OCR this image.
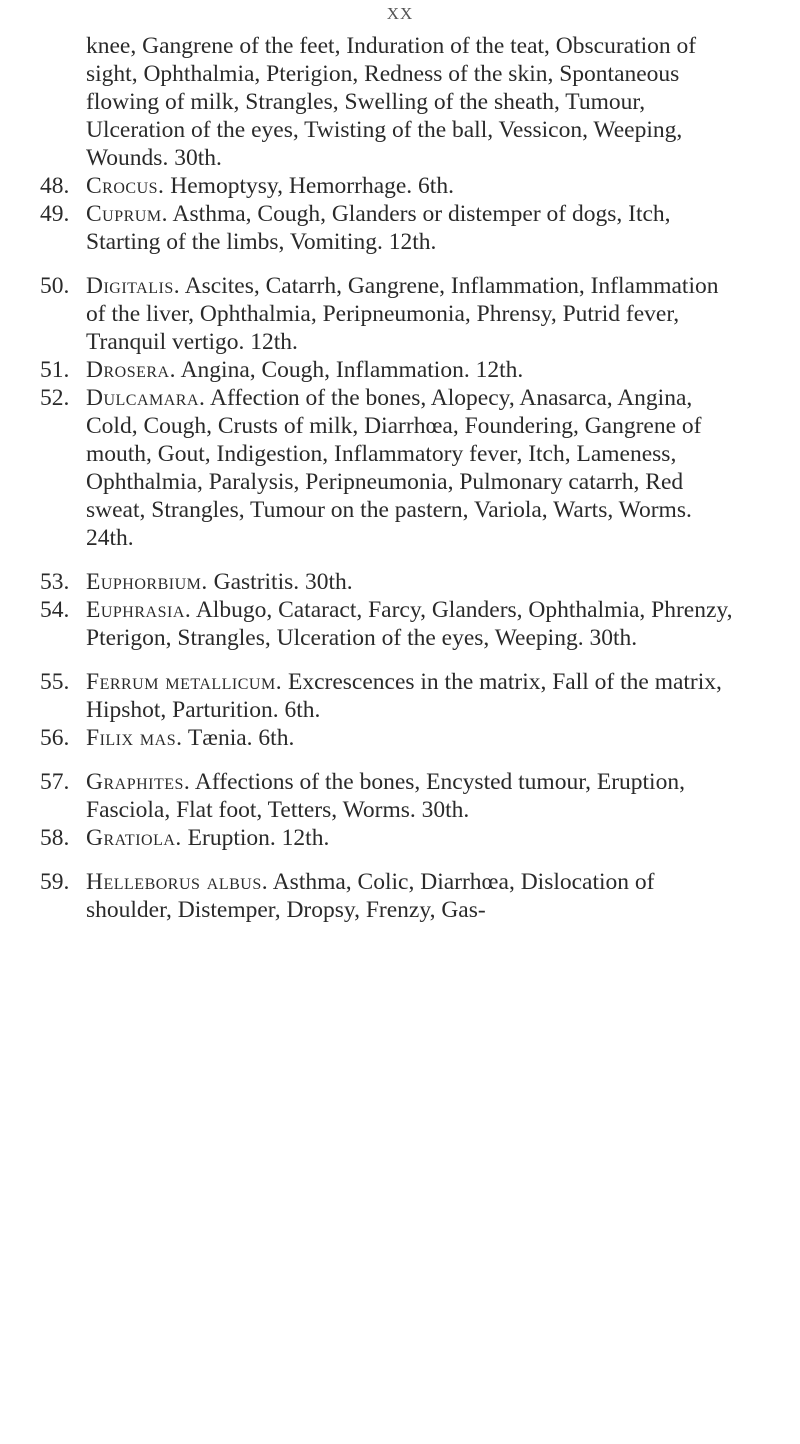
XX
knee, Gangrene of the feet, Induration of the teat, Obscuration of sight, Ophthalmia, Pterigion, Redness of the skin, Spontaneous flowing of milk, Strangles, Swelling of the sheath, Tumour, Ulceration of the eyes, Twisting of the ball, Vessicon, Weeping, Wounds. 30th.
48. Crocus. Hemoptysy, Hemorrhage. 6th.
49. Cuprum. Asthma, Cough, Glanders or distemper of dogs, Itch, Starting of the limbs, Vomiting. 12th.
50. Digitalis. Ascites, Catarrh, Gangrene, Inflammation, Inflammation of the liver, Ophthalmia, Peripneumonia, Phrensy, Putrid fever, Tranquil vertigo. 12th.
51. Drosera. Angina, Cough, Inflammation. 12th.
52. Dulcamara. Affection of the bones, Alopecy, Anasarca, Angina, Cold, Cough, Crusts of milk, Diarrhœa, Foundering, Gangrene of mouth, Gout, Indigestion, Inflammatory fever, Itch, Lameness, Ophthalmia, Paralysis, Peripneumonia, Pulmonary catarrh, Red sweat, Strangles, Tumour on the pastern, Variola, Warts, Worms. 24th.
53. Euphorbium. Gastritis. 30th.
54. Euphrasia. Albugo, Cataract, Farcy, Glanders, Ophthalmia, Phrenzy, Pterigon, Strangles, Ulceration of the eyes, Weeping. 30th.
55. Ferrum metallicum. Excrescences in the matrix, Fall of the matrix, Hipshot, Parturition. 6th.
56. Filix mas. Tænia. 6th.
57. Graphites. Affections of the bones, Encysted tumour, Eruption, Fasciola, Flat foot, Tetters, Worms. 30th.
58. Gratiola. Eruption. 12th.
59. Helleborus albus. Asthma, Colic, Diarrhœa, Dislocation of shoulder, Distemper, Dropsy, Frenzy, Gas-
